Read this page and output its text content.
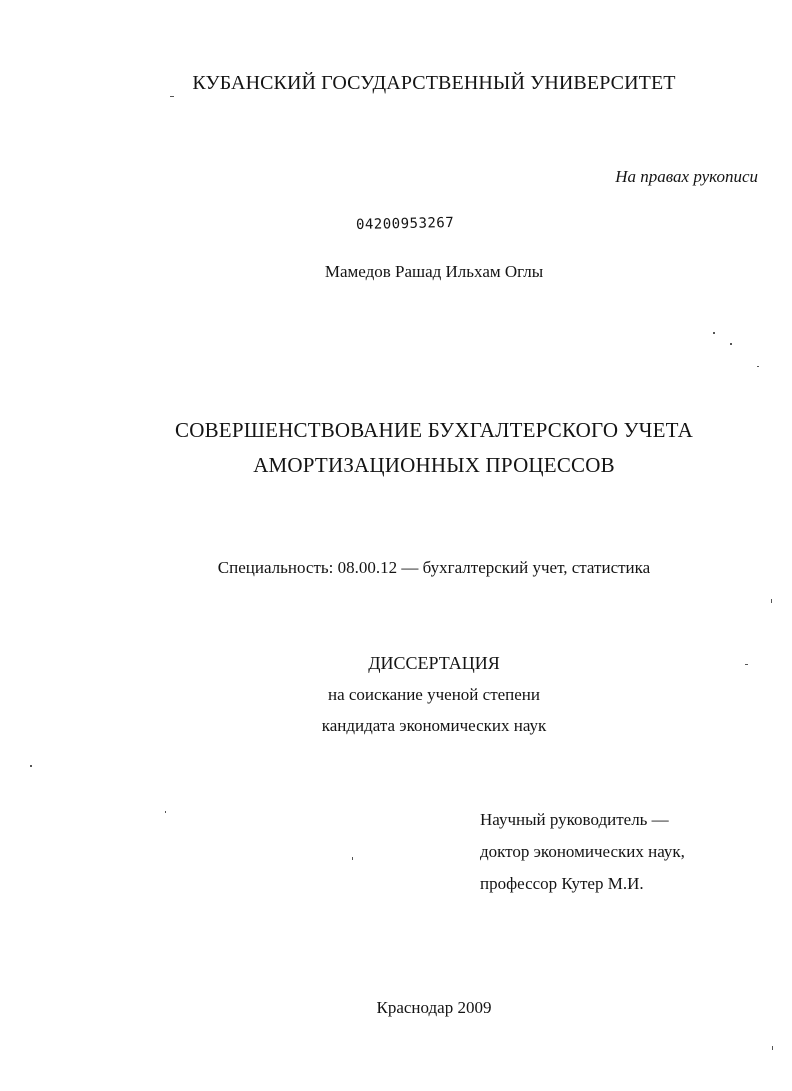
КУБАНСКИЙ ГОСУДАРСТВЕННЫЙ УНИВЕРСИТЕТ
На правах рукописи
04200953267
Мамедов Рашад Ильхам Оглы
СОВЕРШЕНСТВОВАНИЕ БУХГАЛТЕРСКОГО УЧЕТА
АМОРТИЗАЦИОННЫХ ПРОЦЕССОВ
Специальность: 08.00.12 — бухгалтерский учет, статистика
ДИССЕРТАЦИЯ
на соискание ученой степени
кандидата экономических наук
Научный руководитель —
доктор экономических наук,
профессор Кутер М.И.
Краснодар 2009
